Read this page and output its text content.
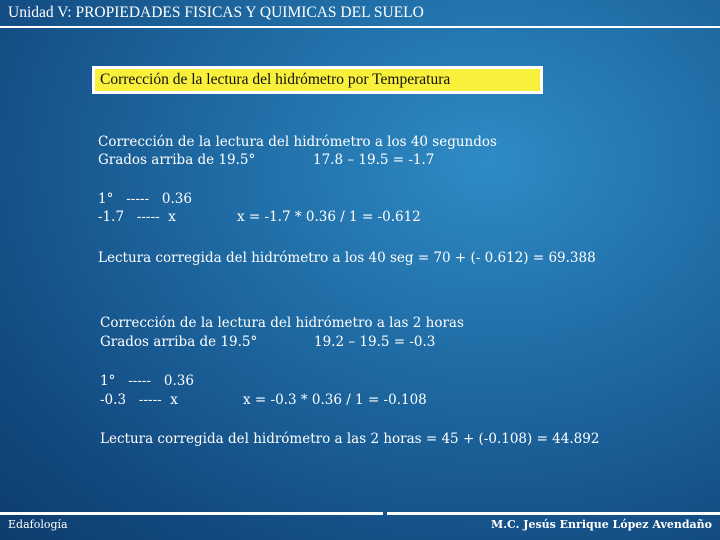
Unidad V: PROPIEDADES FISICAS Y QUIMICAS DEL SUELO
Corrección de la lectura del hidrómetro por Temperatura
Corrección de la lectura del hidrómetro a los 40 segundos
Grados arriba de 19.5°	17.8 – 19.5 = -1.7
1°   -----   0.36
-1.7   -----  x	x = -1.7 * 0.36 / 1 = -0.612
Lectura corregida del hidrómetro a los 40 seg = 70 + (- 0.612) = 69.388
Corrección de la lectura del hidrómetro a las 2 horas
Grados arriba de 19.5°	19.2 – 19.5 = -0.3
1°   -----   0.36
-0.3   -----  x	x = -0.3 * 0.36 / 1 = -0.108
Lectura corregida del hidrómetro a las 2 horas = 45 + (-0.108) = 44.892
Edafología	M.C. Jesús Enrique López Avendaño
